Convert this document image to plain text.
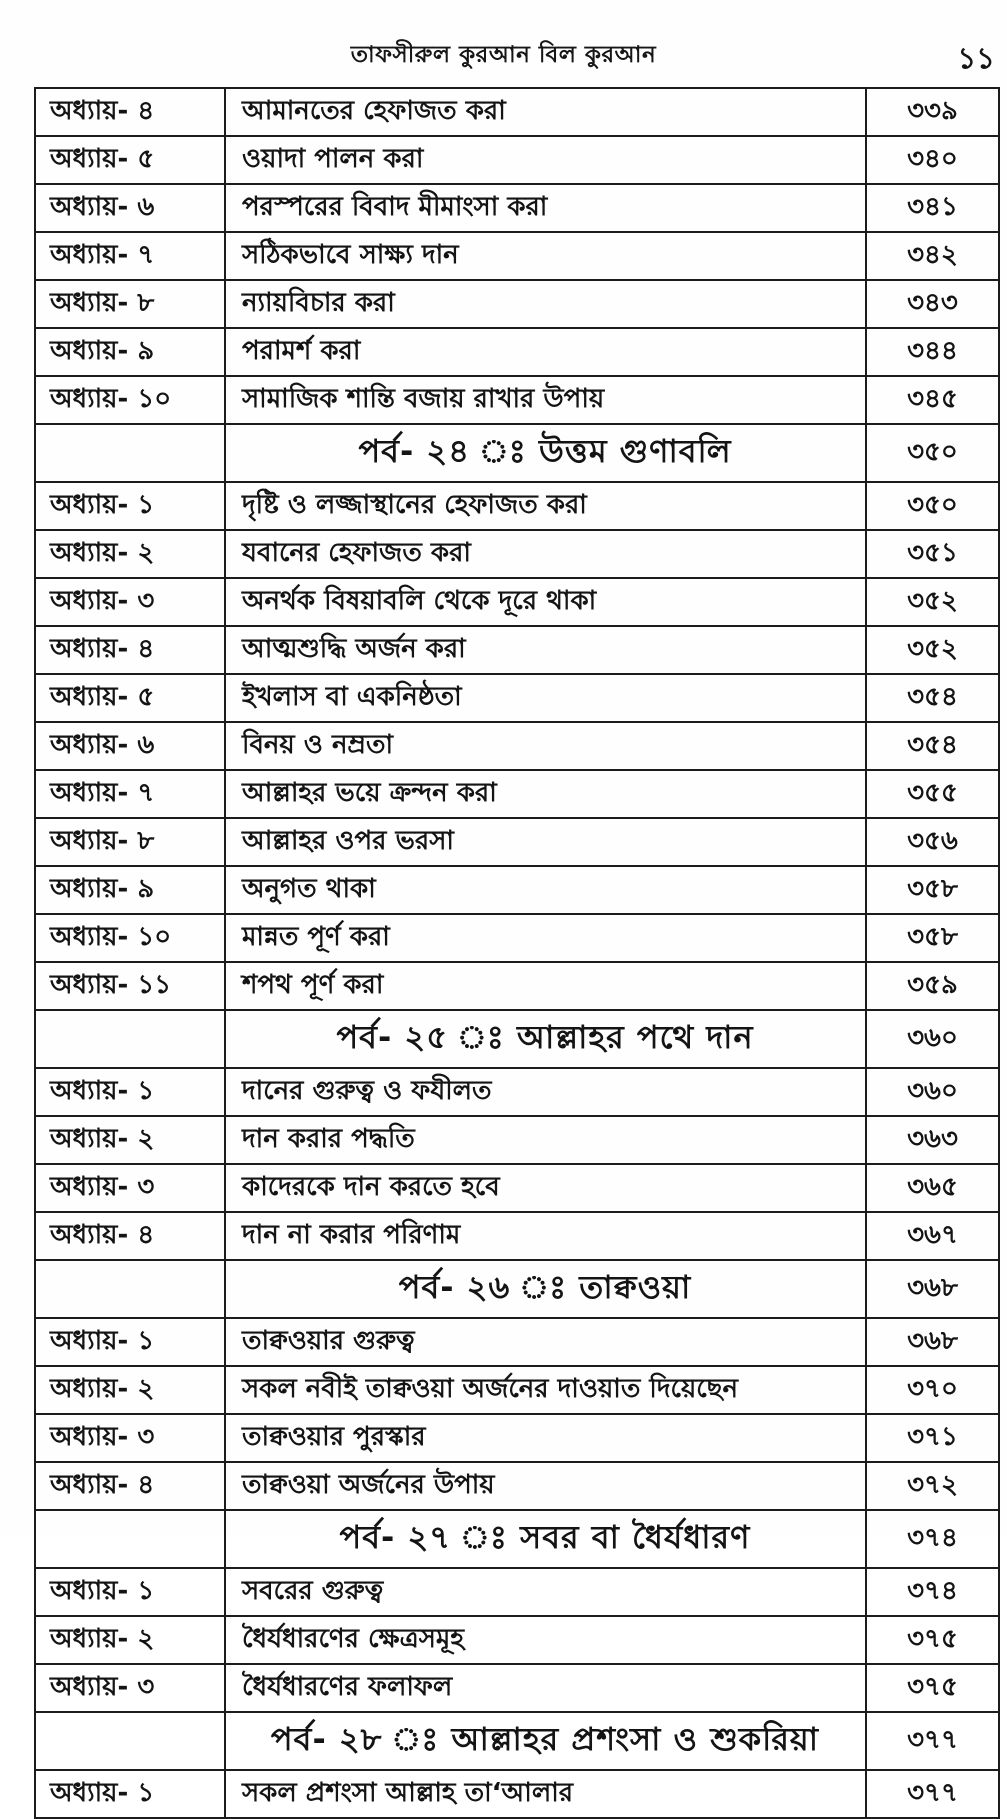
তাফসীরুল কুরআন বিল কুরআন	১১
অধ্যায়- ৪	আমানতের হেফাজত করা	৩৩৯
অধ্যায়- ৫	ওয়াদা পালন করা	৩৪০
অধ্যায়- ৬	পরস্পরের বিবাদ মীমাংসা করা	৩৪১
অধ্যায়- ৭	সঠিকভাবে সাক্ষ্য দান	৩৪২
অধ্যায়- ৮	ন্যায়বিচার করা	৩৪৩
অধ্যায়- ৯	পরামর্শ করা	৩৪৪
অধ্যায়- ১০	সামাজিক শান্তি বজায় রাখার উপায়	৩৪৫
	পর্ব- ২৪ ঃ উত্তম গুণাবলি	৩৫০
অধ্যায়- ১	দৃষ্টি ও লজ্জাস্থানের হেফাজত করা	৩৫০
অধ্যায়- ২	যবানের হেফাজত করা	৩৫১
অধ্যায়- ৩	অনর্থক বিষয়াবলি থেকে দূরে থাকা	৩৫২
অধ্যায়- ৪	আত্মশুদ্ধি অর্জন করা	৩৫২
অধ্যায়- ৫	ইখলাস বা একনিষ্ঠতা	৩৫৪
অধ্যায়- ৬	বিনয় ও নম্রতা	৩৫৪
অধ্যায়- ৭	আল্লাহর ভয়ে ক্রন্দন করা	৩৫৫
অধ্যায়- ৮	আল্লাহর ওপর ভরসা	৩৫৬
অধ্যায়- ৯	অনুগত থাকা	৩৫৮
অধ্যায়- ১০	মান্নত পূর্ণ করা	৩৫৮
অধ্যায়- ১১	শপথ পূর্ণ করা	৩৫৯
	পর্ব- ২৫ ঃ আল্লাহর পথে দান	৩৬০
অধ্যায়- ১	দানের গুরুত্ব ও ফযীলত	৩৬০
অধ্যায়- ২	দান করার পদ্ধতি	৩৬৩
অধ্যায়- ৩	কাদেরকে দান করতে হবে	৩৬৫
অধ্যায়- ৪	দান না করার পরিণাম	৩৬৭
	পর্ব- ২৬ ঃ তাক্বওয়া	৩৬৮
অধ্যায়- ১	তাক্বওয়ার গুরুত্ব	৩৬৮
অধ্যায়- ২	সকল নবীই তাক্বওয়া অর্জনের দাওয়াত দিয়েছেন	৩৭০
অধ্যায়- ৩	তাক্বওয়ার পুরস্কার	৩৭১
অধ্যায়- ৪	তাক্বওয়া অর্জনের উপায়	৩৭২
	পর্ব- ২৭ ঃ সবর বা ধৈর্যধারণ	৩৭৪
অধ্যায়- ১	সবরের গুরুত্ব	৩৭৪
অধ্যায়- ২	ধৈর্যধারণের ক্ষেত্রসমূহ	৩৭৫
অধ্যায়- ৩	ধৈর্যধারণের ফলাফল	৩৭৫
	পর্ব- ২৮ ঃ আল্লাহর প্রশংসা ও শুকরিয়া	৩৭৭
অধ্যায়- ১	সকল প্রশংসা আল্লাহ তা‘আলার	৩৭৭
